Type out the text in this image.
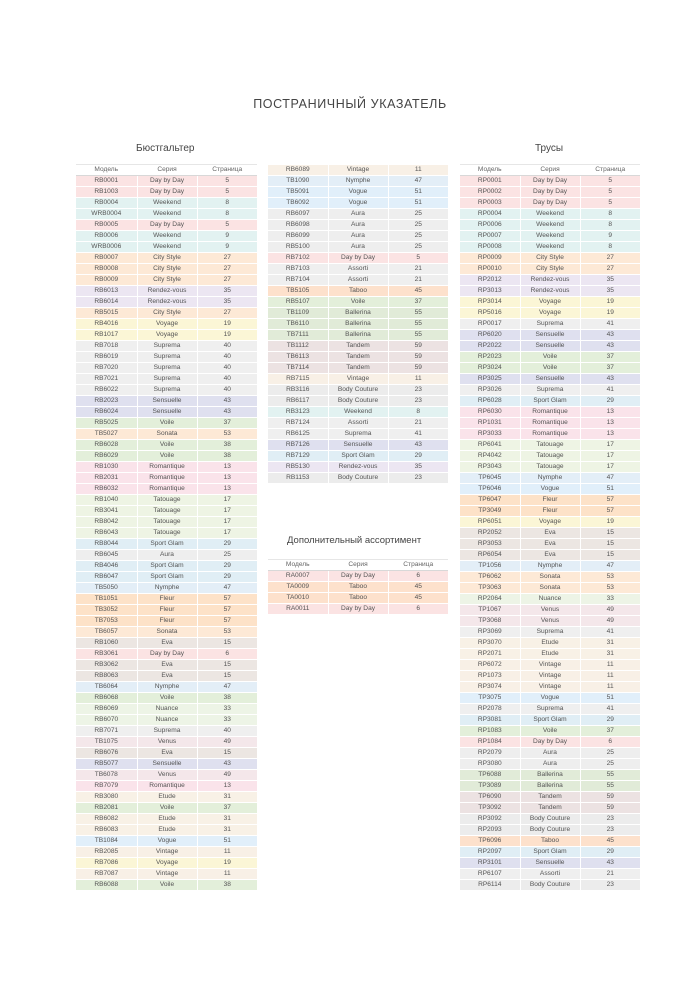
ПОСТРАНИЧНЫЙ УКАЗАТЕЛЬ
Бюстгальтер	Трусы
Дополнительный ассортимент
Модель	Серия	Страница
RB0001	Day by Day	5
RB1003	Day by Day	5
RB0004	Weekend	8
WRB0004	Weekend	8
RB0005	Day by Day	5
RB0006	Weekend	9
WRB0006	Weekend	9
RB0007	City Style	27
RB0008	City Style	27
RB0009	City Style	27
RB6013	Rendez-vous	35
RB6014	Rendez-vous	35
RB5015	City Style	27
RB4016	Voyage	19
RB1017	Voyage	19
RB7018	Suprema	40
RB6019	Suprema	40
RB7020	Suprema	40
RB7021	Suprema	40
RB6022	Suprema	40
RB2023	Sensuelle	43
RB6024	Sensuelle	43
RB5025	Voile	37
TB5027	Sonata	53
RB6028	Voile	38
RB6029	Voile	38
RB1030	Romantique	13
RB2031	Romantique	13
RB6032	Romantique	13
RB1040	Tatouage	17
RB3041	Tatouage	17
RB8042	Tatouage	17
RB6043	Tatouage	17
RB8044	Sport Glam	29
RB6045	Aura	25
RB4046	Sport Glam	29
RB6047	Sport Glam	29
TB5050	Nymphe	47
TB1051	Fleur	57
TB3052	Fleur	57
TB7053	Fleur	57
TB6057	Sonata	53
RB1060	Eva	15
RB3061	Day by Day	6
RB3062	Eva	15
RB8063	Eva	15
TB6064	Nymphe	47
RB6068	Voile	38
RB6069	Nuance	33
RB6070	Nuance	33
RB7071	Suprema	40
TB1075	Venus	49
RB6076	Eva	15
RB5077	Sensuelle	43
TB6078	Venus	49
RB7079	Romantique	13
RB3080	Etude	31
RB2081	Voile	37
RB6082	Etude	31
RB6083	Etude	31
TB1084	Vogue	51
RB2085	Vintage	11
RB7086	Voyage	19
RB7087	Vintage	11
RB6088	Voile	38
RB6089	Vintage	11
TB1090	Nymphe	47
TB5091	Vogue	51
TB6092	Vogue	51
RB6097	Aura	25
RB6098	Aura	25
RB6099	Aura	25
RB5100	Aura	25
RB7102	Day by Day	5
RB7103	Assorti	21
RB7104	Assorti	21
TB5105	Taboo	45
RB5107	Voile	37
TB1109	Ballerina	55
TB6110	Ballerina	55
TB7111	Ballerina	55
TB1112	Tandem	59
TB6113	Tandem	59
TB7114	Tandem	59
RB7115	Vintage	11
RB3116	Body Couture	23
RB6117	Body Couture	23
RB3123	Weekend	8
RB7124	Assorti	21
RB6125	Suprema	41
RB7126	Sensuelle	43
RB7129	Sport Glam	29
RB5130	Rendez-vous	35
RB1153	Body Couture	23
Модель	Серия	Страница
RA0007	Day by Day	6
TA0009	Taboo	45
TA0010	Taboo	45
RA0011	Day by Day	6
Модель	Серия	Страница
RP0001	Day by Day	5
RP0002	Day by Day	5
RP0003	Day by Day	5
RP0004	Weekend	8
RP0006	Weekend	8
RP0007	Weekend	9
RP0008	Weekend	8
RP0009	City Style	27
RP0010	City Style	27
RP2012	Rendez-vous	35
RP3013	Rendez-vous	35
RP3014	Voyage	19
RP5016	Voyage	19
RP0017	Suprema	41
RP6020	Sensuelle	43
RP2022	Sensuelle	43
RP2023	Voile	37
RP3024	Voile	37
RP3025	Sensuelle	43
RP3026	Suprema	41
RP6028	Sport Glam	29
RP6030	Romantique	13
RP1031	Romantique	13
RP3033	Romantique	13
RP6041	Tatouage	17
RP4042	Tatouage	17
RP3043	Tatouage	17
TP6045	Nymphe	47
TP6046	Vogue	51
TP6047	Fleur	57
TP3049	Fleur	57
RP6051	Voyage	19
RP2052	Eva	15
RP3053	Eva	15
RP6054	Eva	15
TP1056	Nymphe	47
TP6062	Sonata	53
TP3063	Sonata	53
RP2064	Nuance	33
TP1067	Venus	49
TP3068	Venus	49
RP3069	Suprema	41
RP3070	Etude	31
RP2071	Etude	31
RP6072	Vintage	11
RP1073	Vintage	11
RP3074	Vintage	11
TP3075	Vogue	51
RP2078	Suprema	41
RP3081	Sport Glam	29
RP1083	Voile	37
RP1084	Day by Day	6
RP2079	Aura	25
RP3080	Aura	25
TP6088	Ballerina	55
TP3089	Ballerina	55
TP6090	Tandem	59
TP3092	Tandem	59
RP3092	Body Couture	23
RP2093	Body Couture	23
TP6096	Taboo	45
RP2097	Sport Glam	29
RP3101	Sensuelle	43
RP6107	Assorti	21
RP6114	Body Couture	23
